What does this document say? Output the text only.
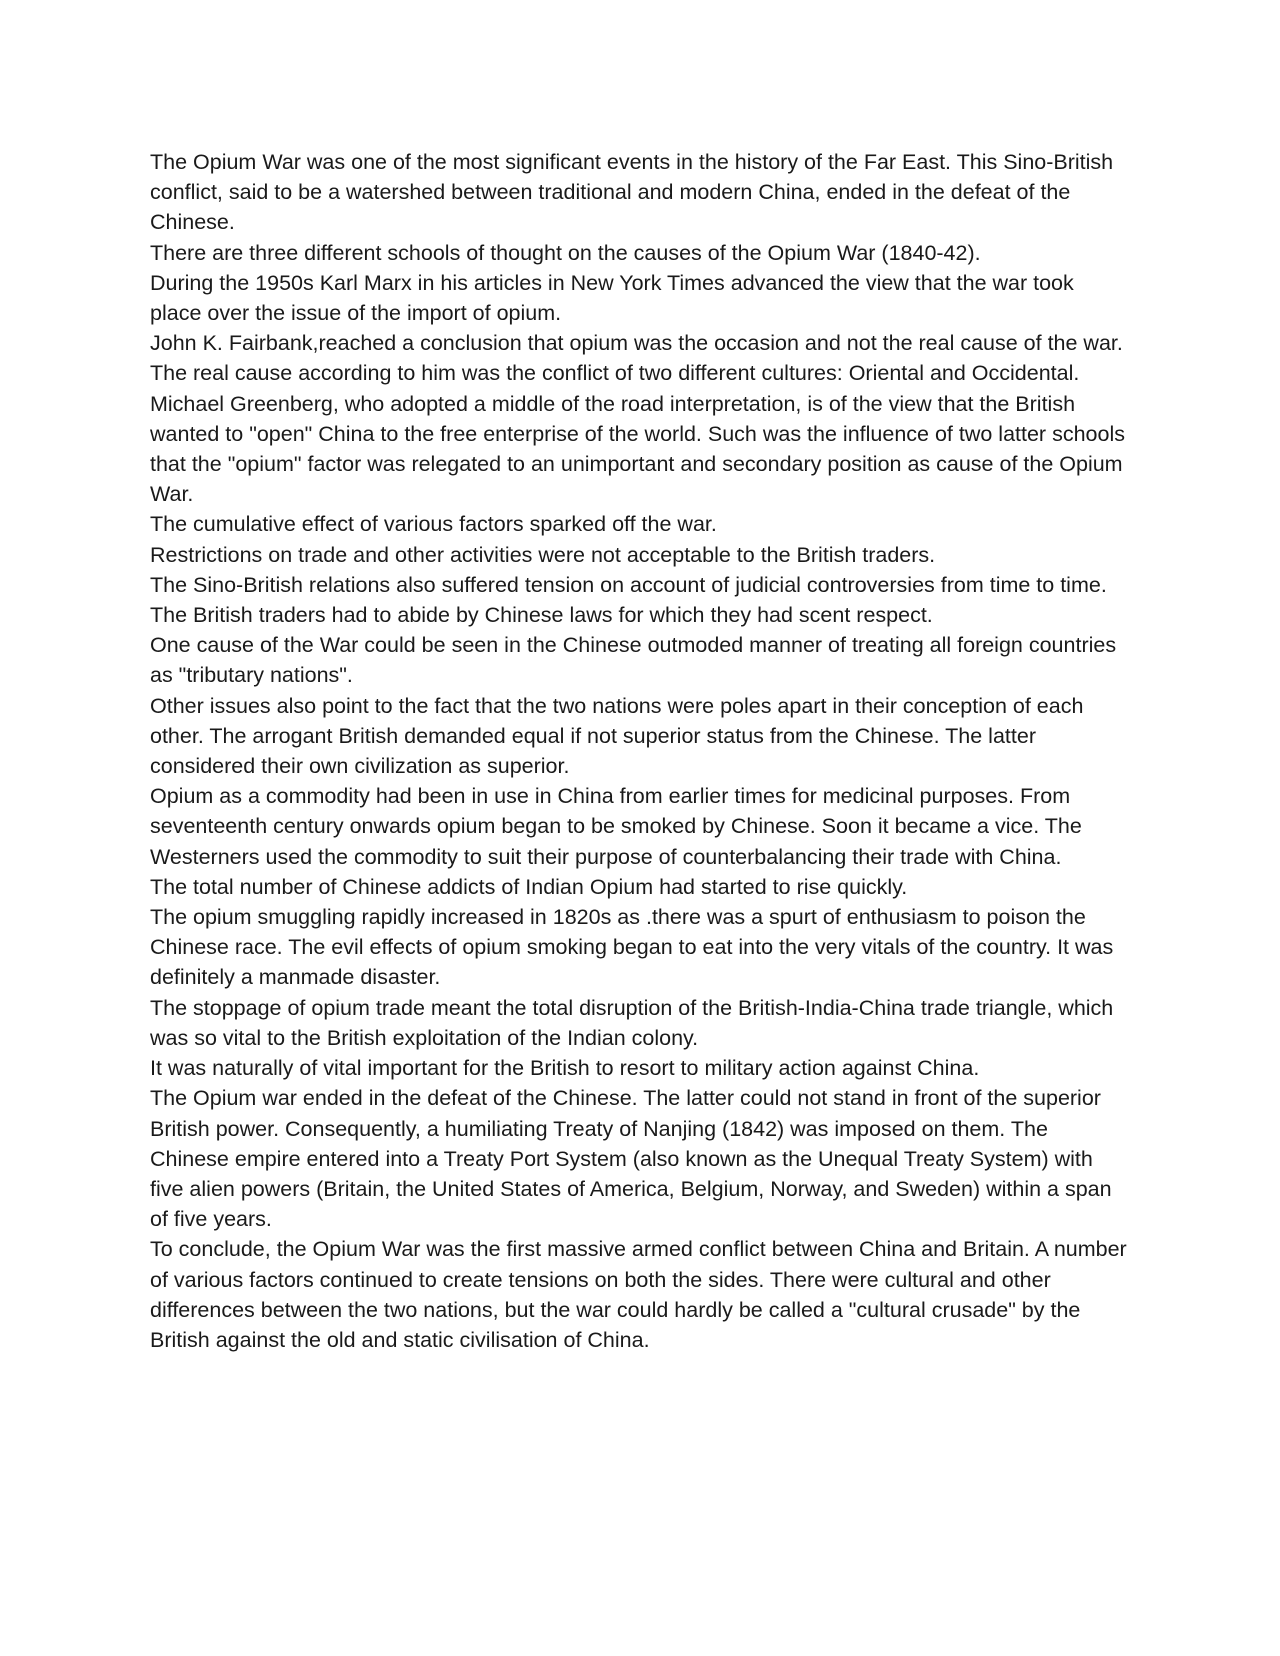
The Opium War was one of the most significant events in the history of the Far East. This Sino-British conflict, said to be a watershed between traditional and modern China, ended in the defeat of the Chinese.

There are three different schools of thought on the causes of the Opium War (1840-42).

During the 1950s Karl Marx in his articles in New York Times advanced the view that the war took place over the issue of the import of opium.

John K. Fairbank,reached a conclusion that opium was the occasion and not the real cause of the war. The real cause according to him was the conflict of two different cultures: Oriental and Occidental.

Michael Greenberg, who adopted a middle of the road interpretation, is of the view that the British wanted to "open" China to the free enterprise of the world. Such was the influence of two latter schools that the "opium" factor was relegated to an unimportant and secondary position as cause of the Opium War.

The cumulative effect of various factors sparked off the war.

Restrictions on trade and other activities were not acceptable to the British traders.

The Sino-British relations also suffered tension on account of judicial controversies from time to time. The British traders had to abide by Chinese laws for which they had scent respect.

One cause of the War could be seen in the Chinese outmoded manner of treating all foreign countries as "tributary nations".

Other issues also point to the fact that the two nations were poles apart in their conception of each other. The arrogant British demanded equal if not superior status from the Chinese. The latter considered their own civilization as superior.

Opium as a commodity had been in use in China from earlier times for medicinal purposes. From seventeenth century onwards opium began to be smoked by Chinese. Soon it became a vice. The Westerners used the commodity to suit their purpose of counterbalancing their trade with China.

The total number of Chinese addicts of Indian Opium had started to rise quickly.

The opium smuggling rapidly increased in 1820s as .there was a spurt of enthusiasm to poison the Chinese race. The evil effects of opium smoking began to eat into the very vitals of the country. It was definitely a manmade disaster.

The stoppage of opium trade meant the total disruption of the British-India-China trade triangle, which was so vital to the British exploitation of the Indian colony.

It was naturally of vital important for the British to resort to military action against China.

The Opium war ended in the defeat of the Chinese. The latter could not stand in front of the superior British power. Consequently, a humiliating Treaty of Nanjing (1842) was imposed on them. The Chinese empire entered into a Treaty Port System (also known as the Unequal Treaty System) with five alien powers (Britain, the United States of America, Belgium, Norway, and Sweden) within a span of five years.

To conclude, the Opium War was the first massive armed conflict between China and Britain. A number of various factors continued to create tensions on both the sides. There were cultural and other differences between the two nations, but the war could hardly be called a "cultural crusade" by the British against the old and static civilisation of China.
